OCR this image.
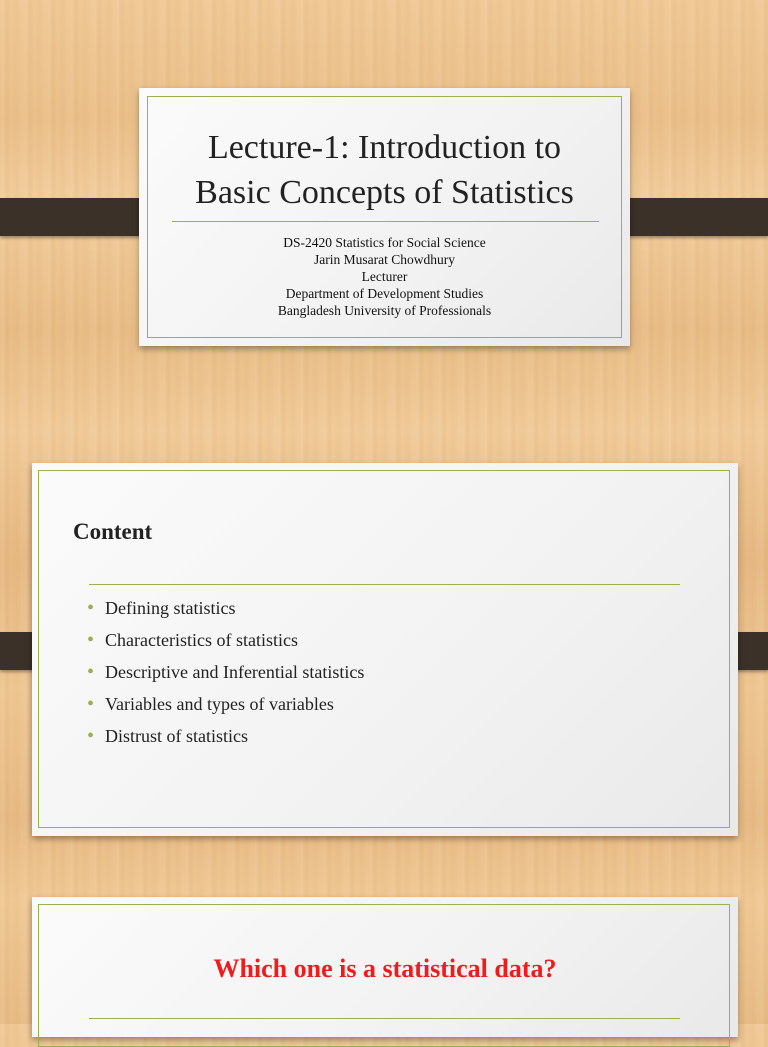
Lecture-1: Introduction to
Basic Concepts of Statistics
DS-2420 Statistics for Social Science
Jarin Musarat Chowdhury
Lecturer
Department of Development Studies
Bangladesh University of Professionals
Content
• Defining statistics
• Characteristics of statistics
• Descriptive and Inferential statistics
• Variables and types of variables
• Distrust of statistics
Which one is a statistical data?
